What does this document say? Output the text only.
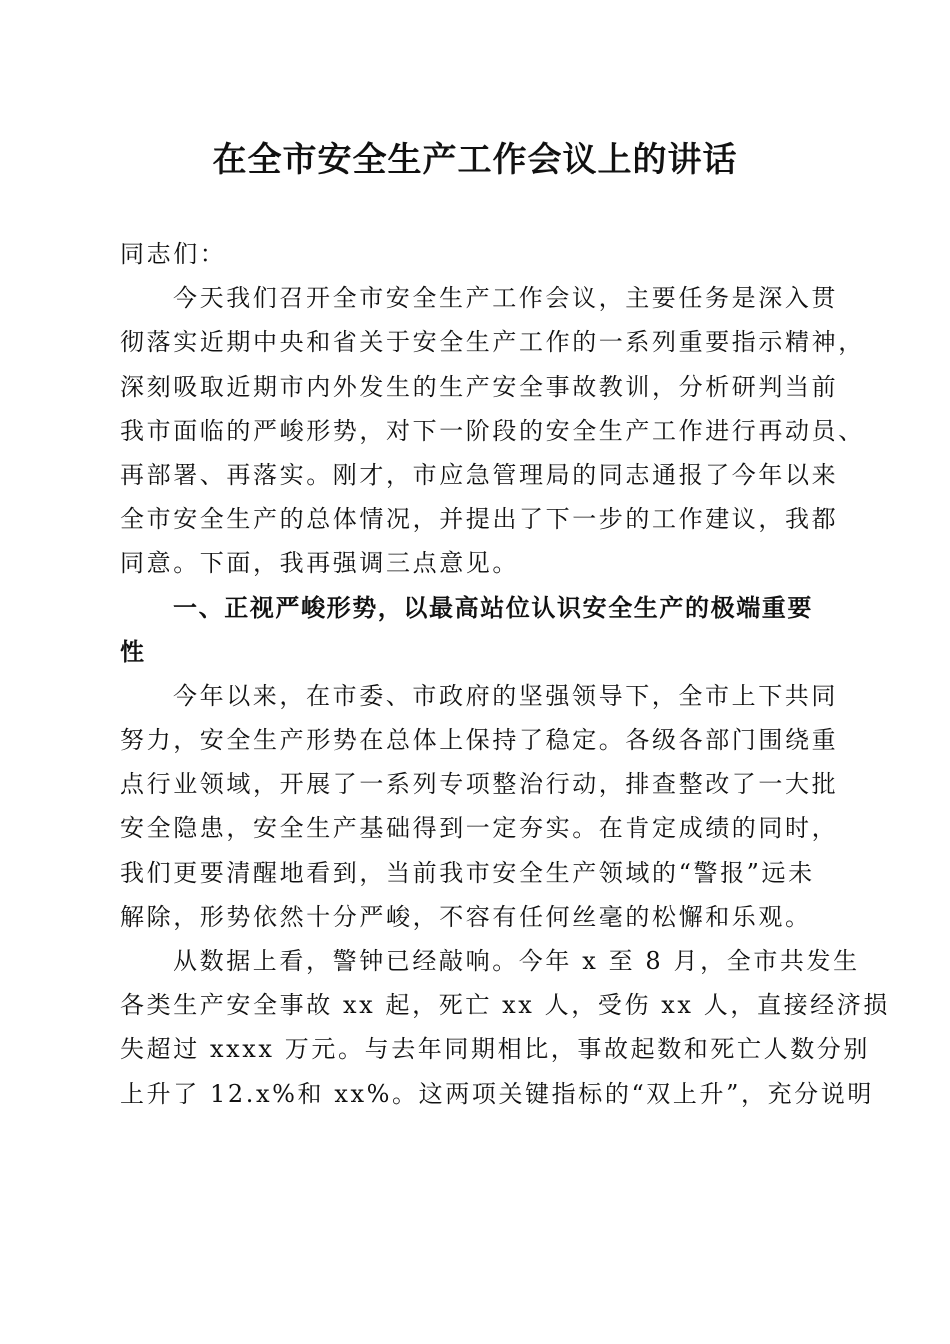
在全市安全生产工作会议上的讲话
同志们：
今天我们召开全市安全生产工作会议，主要任务是深入贯
彻落实近期中央和省关于安全生产工作的一系列重要指示精神，
深刻吸取近期市内外发生的生产安全事故教训，分析研判当前
我市面临的严峻形势，对下一阶段的安全生产工作进行再动员、
再部署、再落实。刚才，市应急管理局的同志通报了今年以来
全市安全生产的总体情况，并提出了下一步的工作建议，我都
同意。下面，我再强调三点意见。
一、正视严峻形势，以最高站位认识安全生产的极端重要
性
今年以来，在市委、市政府的坚强领导下，全市上下共同
努力，安全生产形势在总体上保持了稳定。各级各部门围绕重
点行业领域，开展了一系列专项整治行动，排查整改了一大批
安全隐患，安全生产基础得到一定夯实。在肯定成绩的同时，
我们更要清醒地看到，当前我市安全生产领域的“警报”远未
解除，形势依然十分严峻，不容有任何丝毫的松懈和乐观。
从数据上看，警钟已经敲响。今年 x 至 8 月，全市共发生
各类生产安全事故 xx 起，死亡 xx 人，受伤 xx 人，直接经济损
失超过 xxxx 万元。与去年同期相比，事故起数和死亡人数分别
上升了 12.x%和 xx%。这两项关键指标的“双上升”，充分说明
